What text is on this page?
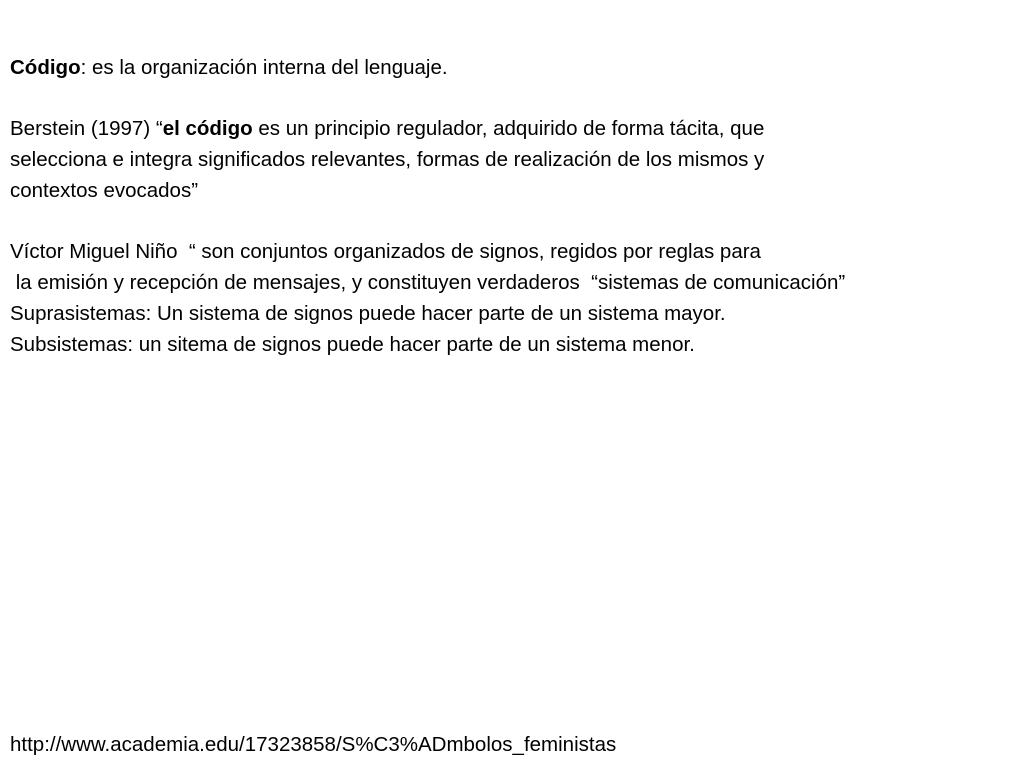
Código: es la organización interna del lenguaje.
Berstein (1997) “el código es un principio regulador, adquirido de forma tácita, que
selecciona e integra significados relevantes, formas de realización de los mismos y
contextos evocados”
Víctor Miguel Niño  “ son conjuntos organizados de signos, regidos por reglas para
la emisión y recepción de mensajes, y constituyen verdaderos  “sistemas de comunicación”
Suprasistemas: Un sistema de signos puede hacer parte de un sistema mayor.
Subsistemas: un sitema de signos puede hacer parte de un sistema menor.
http://www.academia.edu/17323858/S%C3%ADmbolos_feministas
